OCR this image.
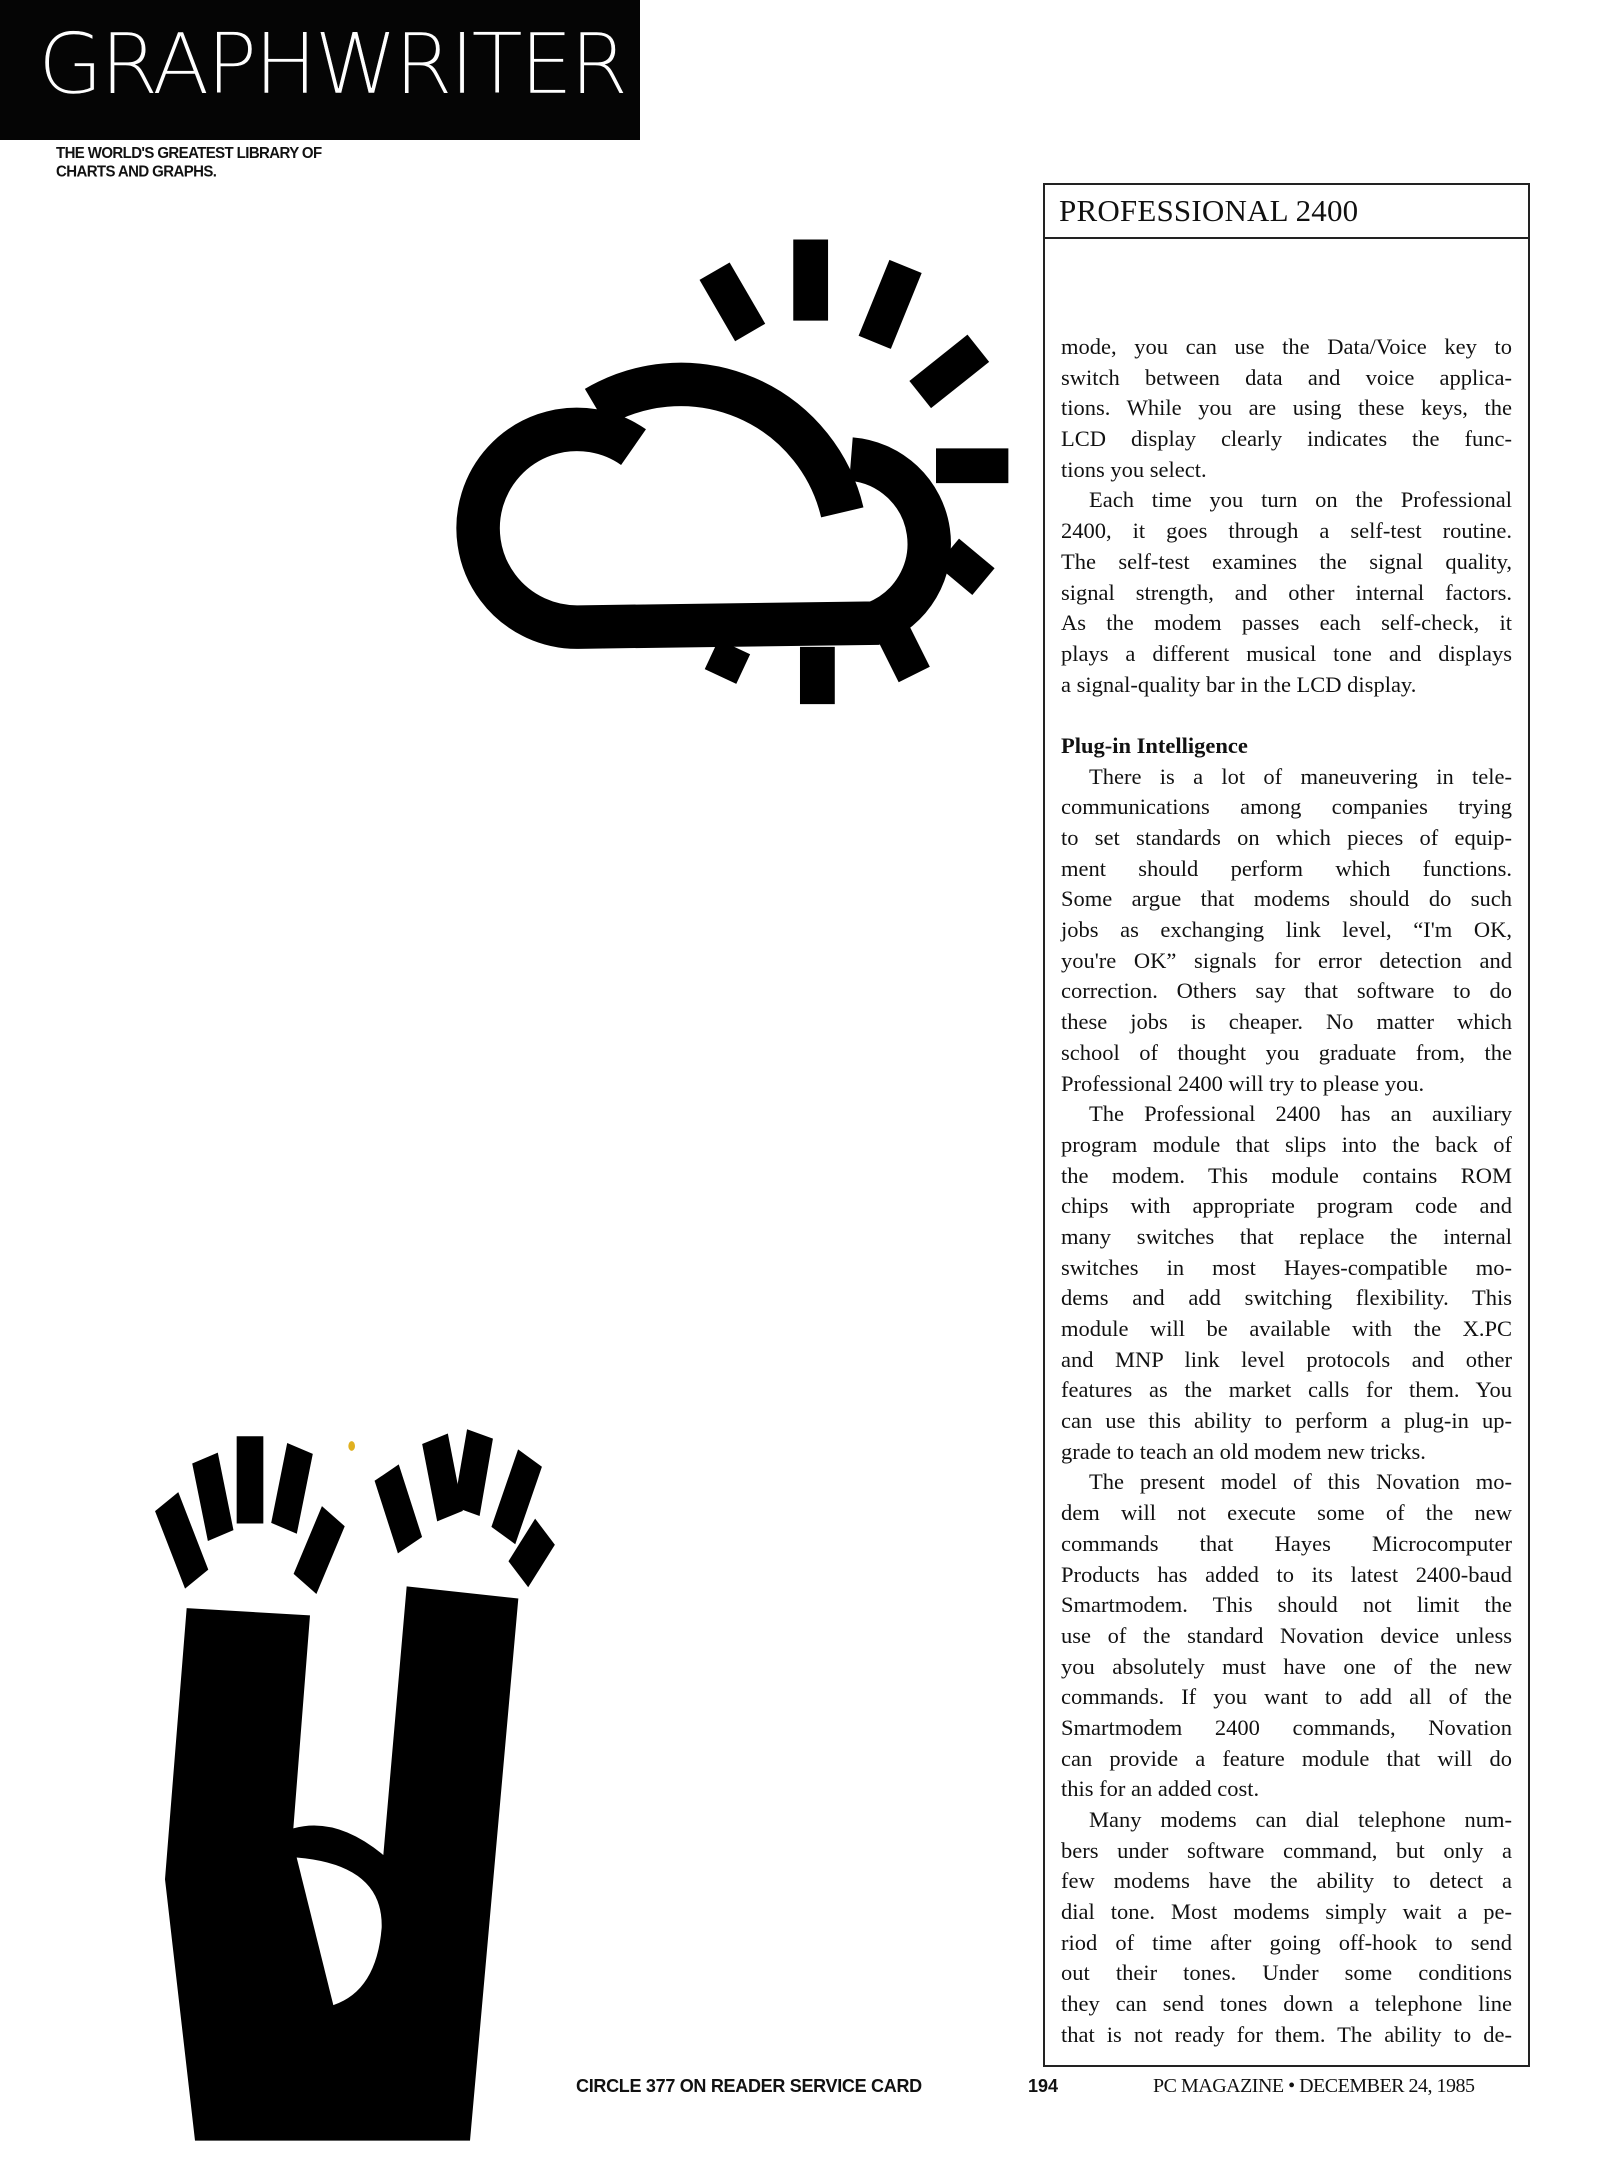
GRAPHWRITER
THE WORLD'S GREATEST LIBRARY OF
CHARTS AND GRAPHS.
PROFESSIONAL 2400
mode, you can use the Data/Voice key to
switch between data and voice applica-
tions. While you are using these keys, the
LCD display clearly indicates the func-
tions you select.
Each time you turn on the Professional
2400, it goes through a self-test routine.
The self-test examines the signal quality,
signal strength, and other internal factors.
As the modem passes each self-check, it
plays a different musical tone and displays
a signal-quality bar in the LCD display.
Plug-in Intelligence
There is a lot of maneuvering in tele-
communications among companies trying
to set standards on which pieces of equip-
ment should perform which functions.
Some argue that modems should do such
jobs as exchanging link level, “I'm OK,
you're OK” signals for error detection and
correction. Others say that software to do
these jobs is cheaper. No matter which
school of thought you graduate from, the
Professional 2400 will try to please you.
The Professional 2400 has an auxiliary
program module that slips into the back of
the modem. This module contains ROM
chips with appropriate program code and
many switches that replace the internal
switches in most Hayes-compatible mo-
dems and add switching flexibility. This
module will be available with the X.PC
and MNP link level protocols and other
features as the market calls for them. You
can use this ability to perform a plug-in up-
grade to teach an old modem new tricks.
The present model of this Novation mo-
dem will not execute some of the new
commands that Hayes Microcomputer
Products has added to its latest 2400-baud
Smartmodem. This should not limit the
use of the standard Novation device unless
you absolutely must have one of the new
commands. If you want to add all of the
Smartmodem 2400 commands, Novation
can provide a feature module that will do
this for an added cost.
Many modems can dial telephone num-
bers under software command, but only a
few modems have the ability to detect a
dial tone. Most modems simply wait a pe-
riod of time after going off-hook to send
out their tones. Under some conditions
they can send tones down a telephone line
that is not ready for them. The ability to de-
CIRCLE 377 ON READER SERVICE CARD	194	PC MAGAZINE • DECEMBER 24, 1985
